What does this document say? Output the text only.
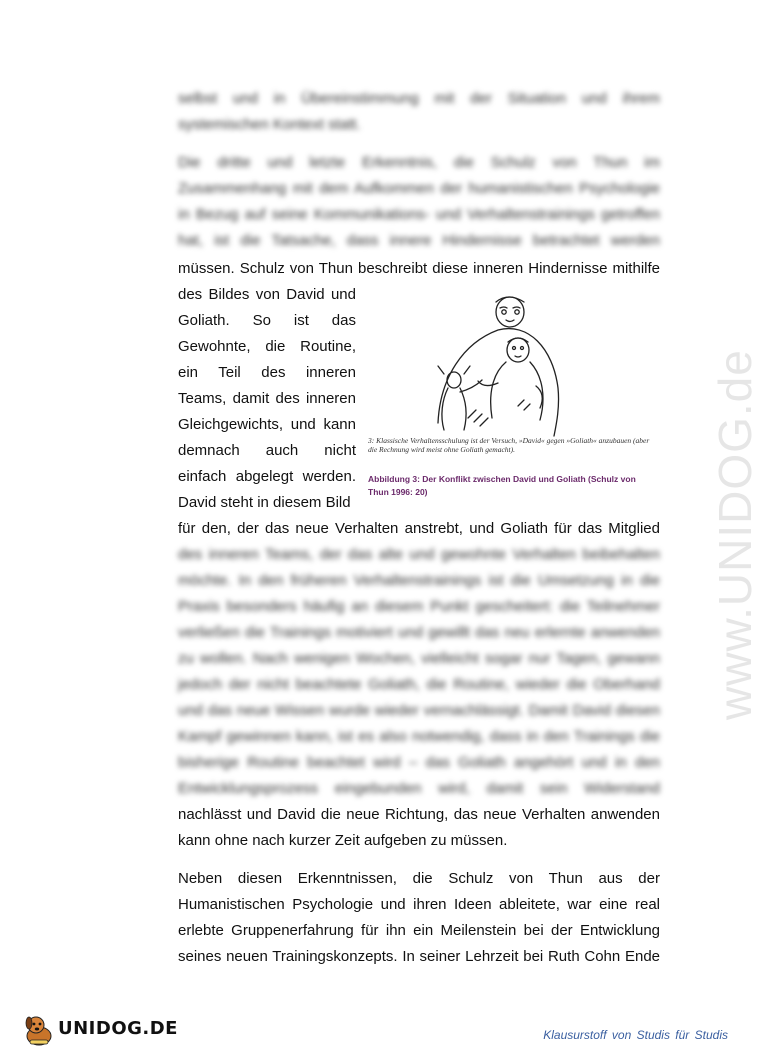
selbst und in Übereinstimmung mit der Situation und ihrem
systemischen Kontext statt.
Die dritte und letzte Erkenntnis, die Schulz von Thun im
Zusammenhang mit dem Aufkommen der humanistischen Psychologie
in Bezug auf seine Kommunikations- und Verhaltenstrainings getroffen
hat, ist die Tatsache, dass innere Hindernisse betrachtet werden
müssen. Schulz von Thun beschreibt diese inneren Hindernisse mithilfe
des Bildes von David und
Goliath. So ist das
Gewohnte, die Routine,
ein Teil des inneren
Teams, damit des inneren
Gleichgewichts, und kann
demnach auch nicht
einfach abgelegt werden.
David steht in diesem Bild
3: Klassische Verhaltensschulung ist der Versuch, »David« gegen »Goliath« anzubauen (aber die Rechnung wird meist ohne Goliath gemacht).
Abbildung 3: Der Konflikt zwischen David und Goliath (Schulz von Thun 1996: 20)
für den, der das neue Verhalten anstrebt, und Goliath für das Mitglied
des inneren Teams, der das alte und gewohnte Verhalten beibehalten
möchte. In den früheren Verhaltenstrainings ist die Umsetzung in die
Praxis besonders häufig an diesem Punkt gescheitert: die Teilnehmer
verließen die Trainings motiviert und gewillt das neu erlernte anwenden
zu wollen. Nach wenigen Wochen, vielleicht sogar nur Tagen, gewann
jedoch der nicht beachtete Goliath, die Routine, wieder die Oberhand
und das neue Wissen wurde wieder vernachlässigt. Damit David diesen
Kampf gewinnen kann, ist es also notwendig, dass in den Trainings die
bisherige Routine beachtet wird – das Goliath angehört und in den
Entwicklungsprozess eingebunden wird, damit sein Widerstand
nachlässt und David die neue Richtung, das neue Verhalten anwenden
kann ohne nach kurzer Zeit aufgeben zu müssen.
Neben diesen Erkenntnissen, die Schulz von Thun aus der
Humanistischen Psychologie und ihren Ideen ableitete, war eine real
erlebte Gruppenerfahrung für ihn ein Meilenstein bei der Entwicklung
seines neuen Trainingskonzepts. In seiner Lehrzeit bei Ruth Cohn Ende
www.UNIDOG.de
UNIDOG.DE	Klausurstoff von Studis für Studis
